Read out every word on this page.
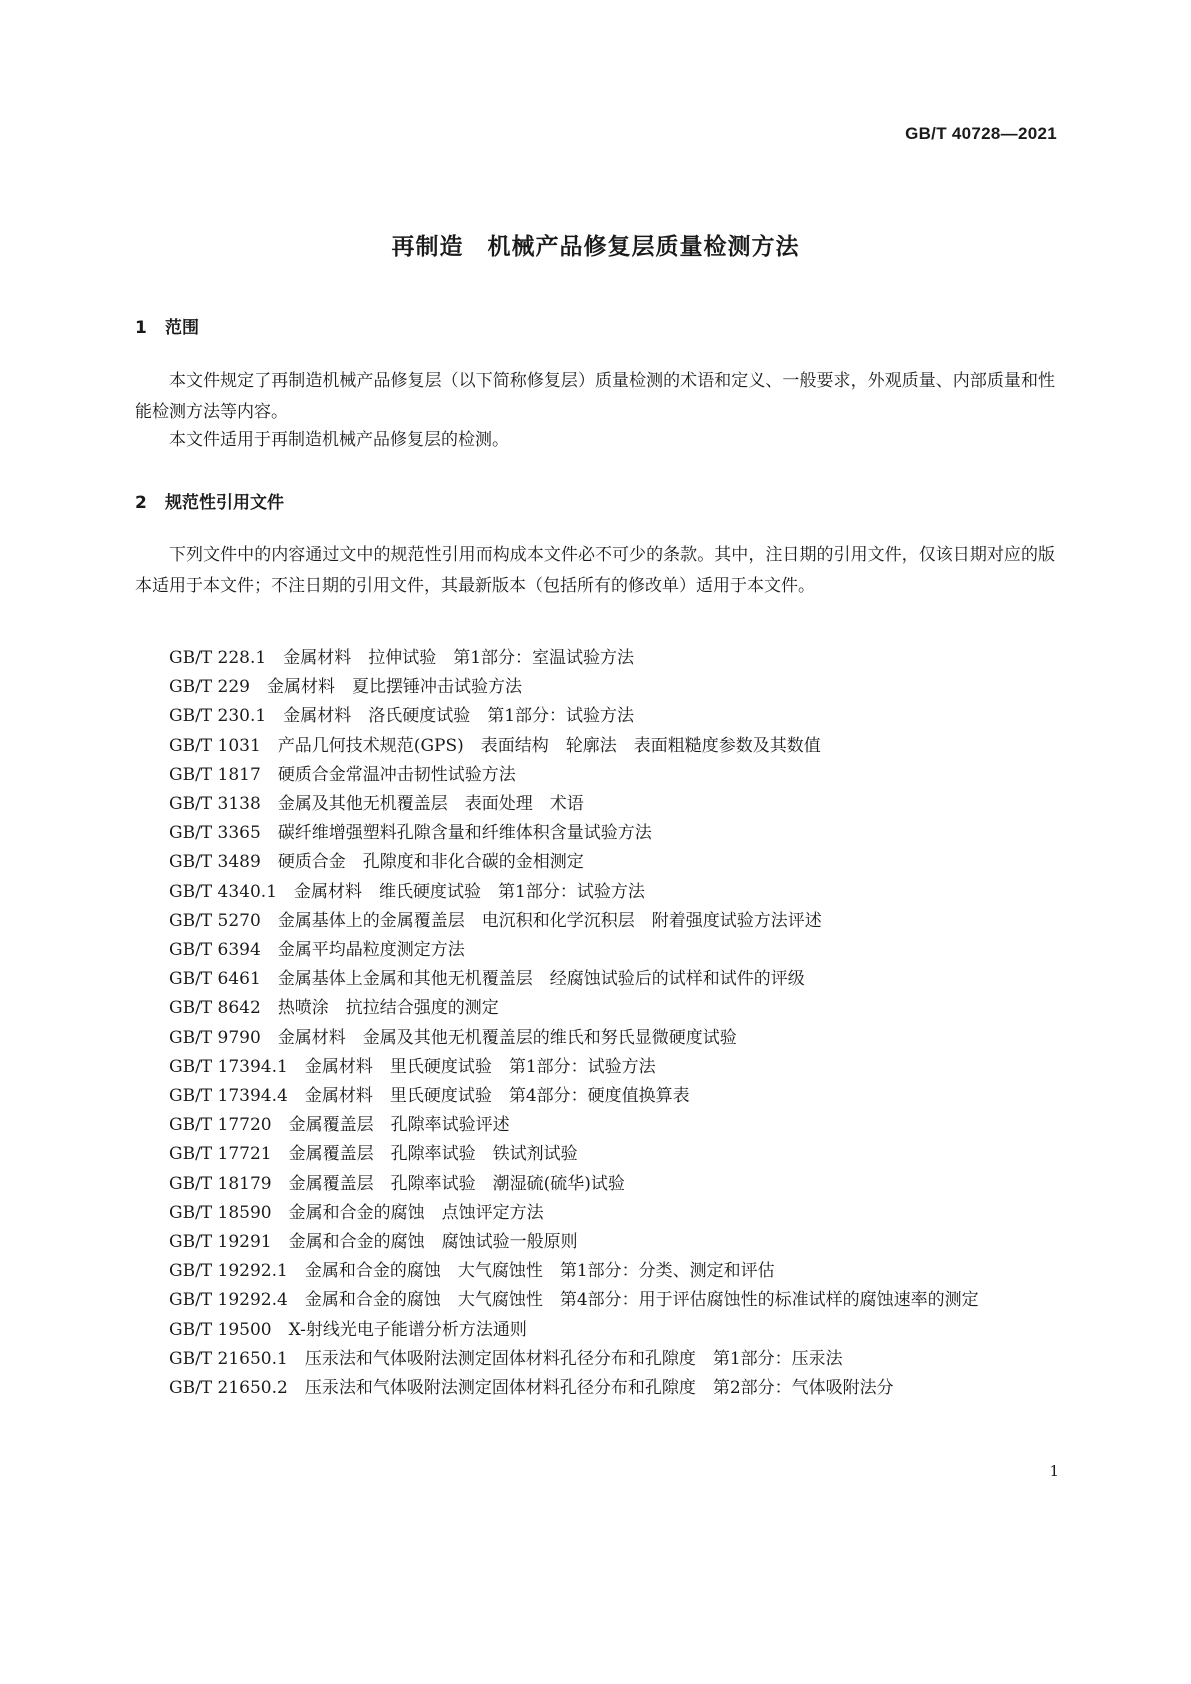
GB/T 40728—2021
再制造　机械产品修复层质量检测方法
1 范围

本文件规定了再制造机械产品修复层（以下简称修复层）质量检测的术语和定义、一般要求，外观质量、内部质量和性能检测方法等内容。

本文件适用于再制造机械产品修复层的检测。

2 规范性引用文件

下列文件中的内容通过文中的规范性引用而构成本文件必不可少的条款。其中，注日期的引用文件，仅该日期对应的版本适用于本文件；不注日期的引用文件，其最新版本（包括所有的修改单）适用于本文件。

GB/T 228.1 金属材料　拉伸试验　第1部分：室温试验方法
GB/T 229 金属材料　夏比摆锤冲击试验方法
GB/T 230.1 金属材料　洛氏硬度试验　第1部分：试验方法
GB/T 1031 产品几何技术规范(GPS)　表面结构　轮廓法　表面粗糙度参数及其数值
GB/T 1817 硬质合金常温冲击韧性试验方法
GB/T 3138 金属及其他无机覆盖层　表面处理　术语
GB/T 3365 碳纤维增强塑料孔隙含量和纤维体积含量试验方法
GB/T 3489 硬质合金　孔隙度和非化合碳的金相测定
GB/T 4340.1 金属材料　维氏硬度试验　第1部分：试验方法
GB/T 5270 金属基体上的金属覆盖层　电沉积和化学沉积层　附着强度试验方法评述
GB/T 6394 金属平均晶粒度测定方法
GB/T 6461 金属基体上金属和其他无机覆盖层　经腐蚀试验后的试样和试件的评级
GB/T 8642 热喷涂　抗拉结合强度的测定
GB/T 9790 金属材料　金属及其他无机覆盖层的维氏和努氏显微硬度试验
GB/T 17394.1 金属材料　里氏硬度试验　第1部分：试验方法
GB/T 17394.4 金属材料　里氏硬度试验　第4部分：硬度值换算表
GB/T 17720 金属覆盖层　孔隙率试验评述
GB/T 17721 金属覆盖层　孔隙率试验　铁试剂试验
GB/T 18179 金属覆盖层　孔隙率试验　潮湿硫(硫华)试验
GB/T 18590 金属和合金的腐蚀　点蚀评定方法
GB/T 19291 金属和合金的腐蚀　腐蚀试验一般原则
GB/T 19292.1 金属和合金的腐蚀　大气腐蚀性　第1部分：分类、测定和评估
GB/T 19292.4 金属和合金的腐蚀　大气腐蚀性　第4部分：用于评估腐蚀性的标准试样的腐蚀速率的测定
GB/T 19500 X-射线光电子能谱分析方法通则
GB/T 21650.1 压汞法和气体吸附法测定固体材料孔径分布和孔隙度　第1部分：压汞法
GB/T 21650.2 压汞法和气体吸附法测定固体材料孔径分布和孔隙度　第2部分：气体吸附法分
1
